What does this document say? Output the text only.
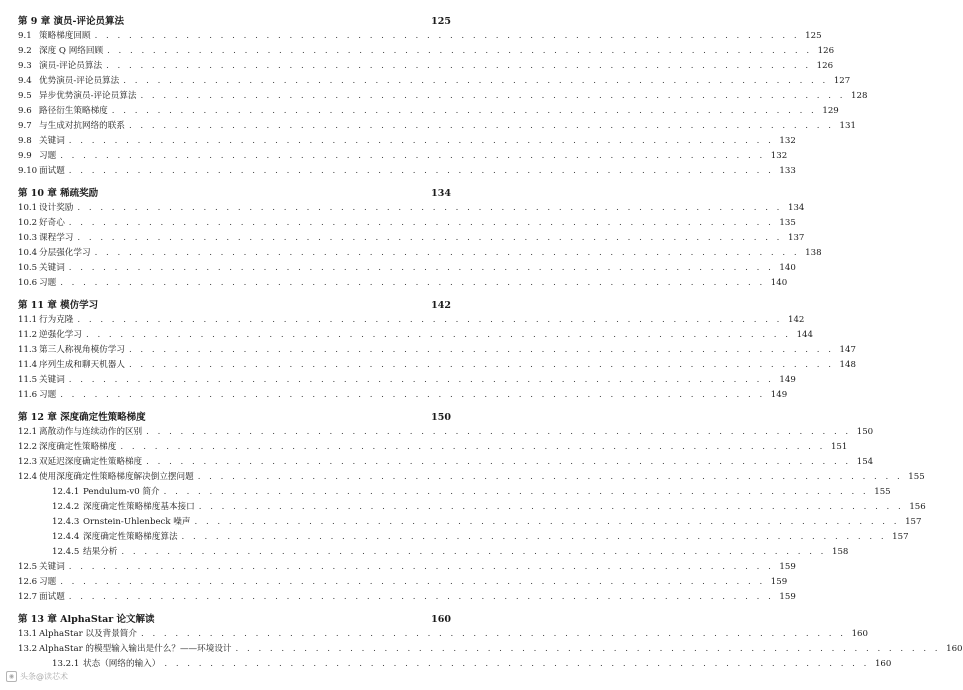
第 9 章 演员-评论员算法	125
9.1 策略梯度回顾 . . . . . . . . . . . . . . . . . . . . . . . . . . . . . . . . . . . . . . . . . . . . . . . . . . . . . . . . . . . . . . 125
9.2 深度 Q 网络回顾 . . . . . . . . . . . . . . . . . . . . . . . . . . . . . . . . . . . . . . . . . . . . . . . . . . . . . . . . . . . . . . 126
9.3 演员-评论员算法 . . . . . . . . . . . . . . . . . . . . . . . . . . . . . . . . . . . . . . . . . . . . . . . . . . . . . . . . . . . . . . 126
9.4 优势演员-评论员算法 . . . . . . . . . . . . . . . . . . . . . . . . . . . . . . . . . . . . . . . . . . . . . . . . . . . . . . . . . . . . . . 127
9.5 异步优势演员-评论员算法 . . . . . . . . . . . . . . . . . . . . . . . . . . . . . . . . . . . . . . . . . . . . . . . . . . . . . . . . . . . . . . 128
9.6 路径衍生策略梯度 . . . . . . . . . . . . . . . . . . . . . . . . . . . . . . . . . . . . . . . . . . . . . . . . . . . . . . . . . . . . . . 129
9.7 与生成对抗网络的联系 . . . . . . . . . . . . . . . . . . . . . . . . . . . . . . . . . . . . . . . . . . . . . . . . . . . . . . . . . . . . . . 131
9.8 关键词 . . . . . . . . . . . . . . . . . . . . . . . . . . . . . . . . . . . . . . . . . . . . . . . . . . . . . . . . . . . . . . 132
9.9 习题 . . . . . . . . . . . . . . . . . . . . . . . . . . . . . . . . . . . . . . . . . . . . . . . . . . . . . . . . . . . . . . 132
9.10 面试题 . . . . . . . . . . . . . . . . . . . . . . . . . . . . . . . . . . . . . . . . . . . . . . . . . . . . . . . . . . . . . . 133
第 10 章 稀疏奖励	134
10.1 设计奖励 . . . . . . . . . . . . . . . . . . . . . . . . . . . . . . . . . . . . . . . . . . . . . . . . . . . . . . . . . . . . . . 134
10.2 好奇心 . . . . . . . . . . . . . . . . . . . . . . . . . . . . . . . . . . . . . . . . . . . . . . . . . . . . . . . . . . . . . . 135
10.3 课程学习 . . . . . . . . . . . . . . . . . . . . . . . . . . . . . . . . . . . . . . . . . . . . . . . . . . . . . . . . . . . . . . 137
10.4 分层强化学习 . . . . . . . . . . . . . . . . . . . . . . . . . . . . . . . . . . . . . . . . . . . . . . . . . . . . . . . . . . . . . . 138
10.5 关键词 . . . . . . . . . . . . . . . . . . . . . . . . . . . . . . . . . . . . . . . . . . . . . . . . . . . . . . . . . . . . . . 140
10.6 习题 . . . . . . . . . . . . . . . . . . . . . . . . . . . . . . . . . . . . . . . . . . . . . . . . . . . . . . . . . . . . . . 140
第 11 章 模仿学习	142
11.1 行为克隆 . . . . . . . . . . . . . . . . . . . . . . . . . . . . . . . . . . . . . . . . . . . . . . . . . . . . . . . . . . . . . . 142
11.2 逆强化学习 . . . . . . . . . . . . . . . . . . . . . . . . . . . . . . . . . . . . . . . . . . . . . . . . . . . . . . . . . . . . . . 144
11.3 第三人称视角模仿学习 . . . . . . . . . . . . . . . . . . . . . . . . . . . . . . . . . . . . . . . . . . . . . . . . . . . . . . . . . . . . . . 147
11.4 序列生成和聊天机器人 . . . . . . . . . . . . . . . . . . . . . . . . . . . . . . . . . . . . . . . . . . . . . . . . . . . . . . . . . . . . . . 148
11.5 关键词 . . . . . . . . . . . . . . . . . . . . . . . . . . . . . . . . . . . . . . . . . . . . . . . . . . . . . . . . . . . . . . 149
11.6 习题 . . . . . . . . . . . . . . . . . . . . . . . . . . . . . . . . . . . . . . . . . . . . . . . . . . . . . . . . . . . . . . 149
第 12 章 深度确定性策略梯度	150
12.1 离散动作与连续动作的区别 . . . . . . . . . . . . . . . . . . . . . . . . . . . . . . . . . . . . . . . . . . . . . . . . . . . . . . . . . . . . . . 150
12.2 深度确定性策略梯度 . . . . . . . . . . . . . . . . . . . . . . . . . . . . . . . . . . . . . . . . . . . . . . . . . . . . . . . . . . . . . . 151
12.3 双延迟深度确定性策略梯度 . . . . . . . . . . . . . . . . . . . . . . . . . . . . . . . . . . . . . . . . . . . . . . . . . . . . . . . . . . . . . . 154
12.4 使用深度确定性策略梯度解决倒立摆问题 . . . . . . . . . . . . . . . . . . . . . . . . . . . . . . . . . . . . . . . . . . . . . . . . . . . . . . . . . . . . . . 155
12.4.1 Pendulum-v0 简介 . . . . . . . . . . . . . . . . . . . . . . . . . . . . . . . . . . . . . . . . . . . . . . . . . . . . . . . . . . . . . . 155
12.4.2 深度确定性策略梯度基本接口 . . . . . . . . . . . . . . . . . . . . . . . . . . . . . . . . . . . . . . . . . . . . . . . . . . . . . . . . . . . . . . 156
12.4.3 Ornstein-Uhlenbeck 噪声 . . . . . . . . . . . . . . . . . . . . . . . . . . . . . . . . . . . . . . . . . . . . . . . . . . . . . . . . . . . . . . 157
12.4.4 深度确定性策略梯度算法 . . . . . . . . . . . . . . . . . . . . . . . . . . . . . . . . . . . . . . . . . . . . . . . . . . . . . . . . . . . . . . 157
12.4.5 结果分析 . . . . . . . . . . . . . . . . . . . . . . . . . . . . . . . . . . . . . . . . . . . . . . . . . . . . . . . . . . . . . . 158
12.5 关键词 . . . . . . . . . . . . . . . . . . . . . . . . . . . . . . . . . . . . . . . . . . . . . . . . . . . . . . . . . . . . . . 159
12.6 习题 . . . . . . . . . . . . . . . . . . . . . . . . . . . . . . . . . . . . . . . . . . . . . . . . . . . . . . . . . . . . . . 159
12.7 面试题 . . . . . . . . . . . . . . . . . . . . . . . . . . . . . . . . . . . . . . . . . . . . . . . . . . . . . . . . . . . . . . 159
第 13 章 AlphaStar 论文解读	160
13.1 AlphaStar 以及背景简介 . . . . . . . . . . . . . . . . . . . . . . . . . . . . . . . . . . . . . . . . . . . . . . . . . . . . . . . . . . . . . . 160
13.2 AlphaStar 的模型输入输出是什么？——环境设计 . . . . . . . . . . . . . . . . . . . . . . . . . . . . . . . . . . . . . . . . . . . . . . . . . . . . . . . . . . . . . . 160
13.2.1 状态（网络的输入） . . . . . . . . . . . . . . . . . . . . . . . . . . . . . . . . . . . . . . . . . . . . . . . . . . . . . . . . . . . . . . 160
◉ 头条@读芯术
